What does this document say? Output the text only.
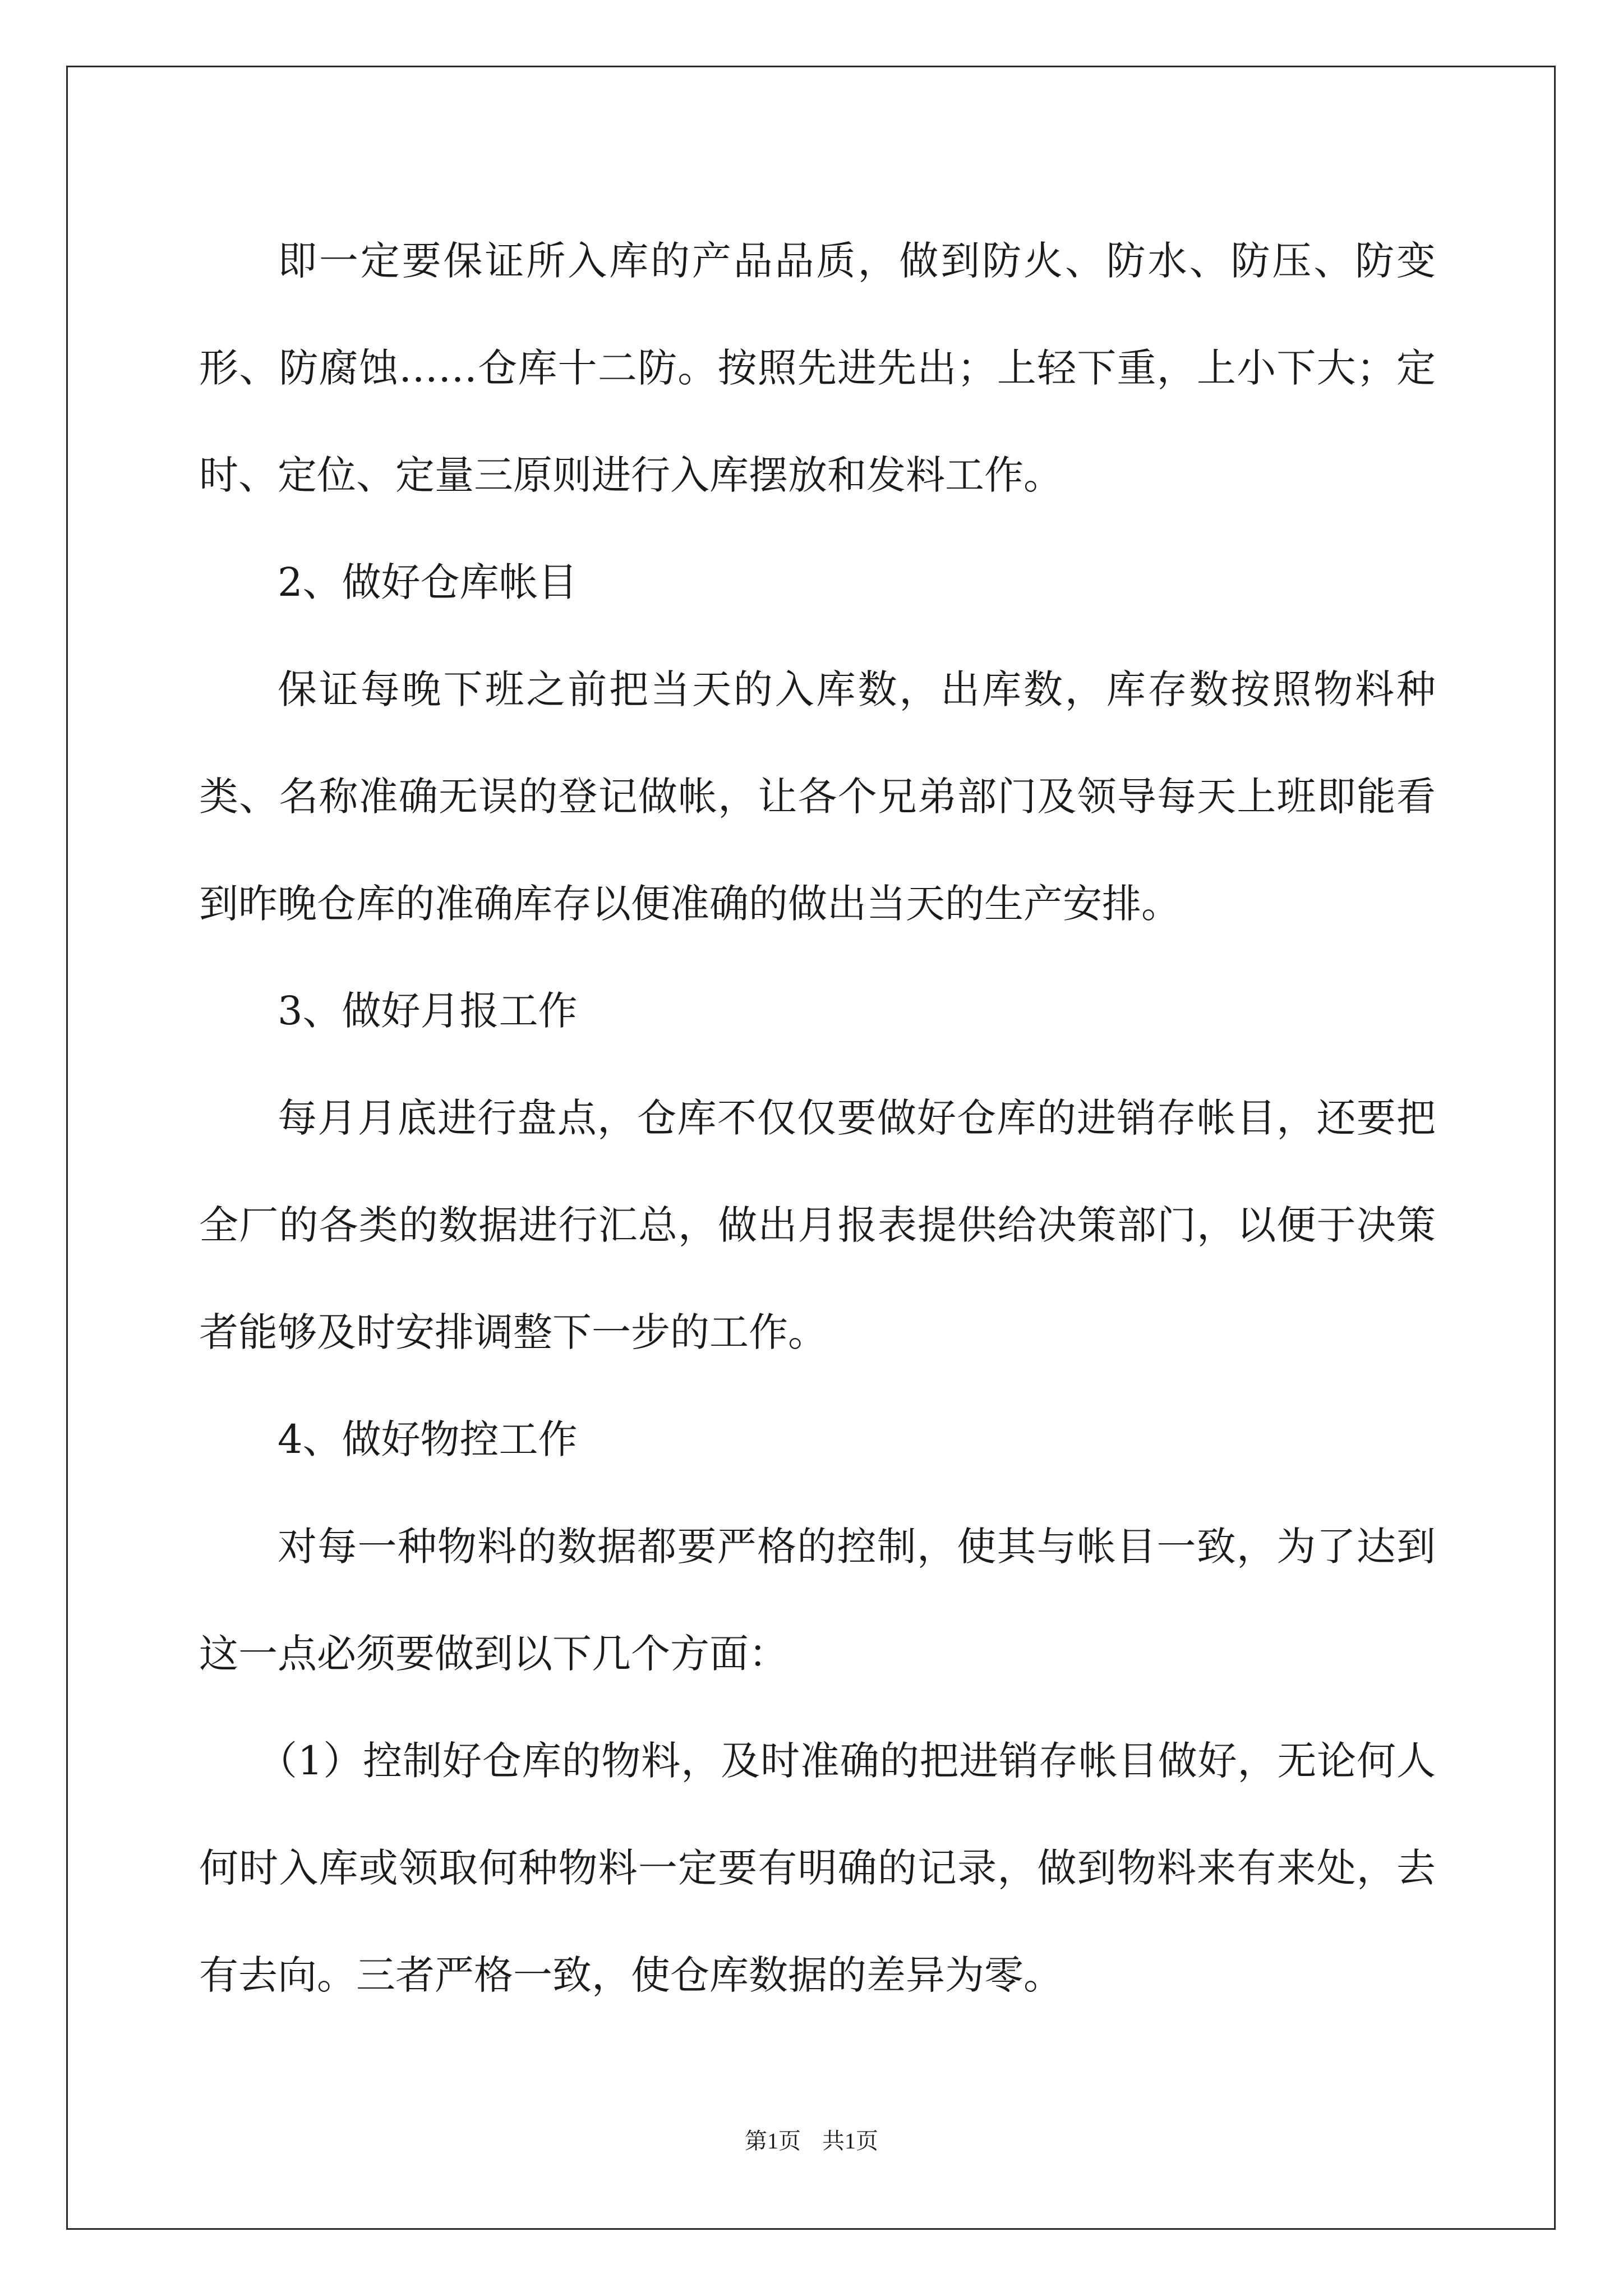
即一定要保证所入库的产品品质，做到防火、防水、防压、防变形、防腐蚀……仓库十二防。按照先进先出；上轻下重，上小下大；定时、定位、定量三原则进行入库摆放和发料工作。

2、做好仓库帐目

保证每晚下班之前把当天的入库数，出库数，库存数按照物料种类、名称准确无误的登记做帐，让各个兄弟部门及领导每天上班即能看到昨晚仓库的准确库存以便准确的做出当天的生产安排。

3、做好月报工作

每月月底进行盘点，仓库不仅仅要做好仓库的进销存帐目，还要把全厂的各类的数据进行汇总，做出月报表提供给决策部门，以便于决策者能够及时安排调整下一步的工作。

4、做好物控工作

对每一种物料的数据都要严格的控制，使其与帐目一致，为了达到这一点必须要做到以下几个方面：

（1）控制好仓库的物料，及时准确的把进销存帐目做好，无论何人何时入库或领取何种物料一定要有明确的记录，做到物料来有来处，去有去向。三者严格一致，使仓库数据的差异为零。

第1页 共1页
